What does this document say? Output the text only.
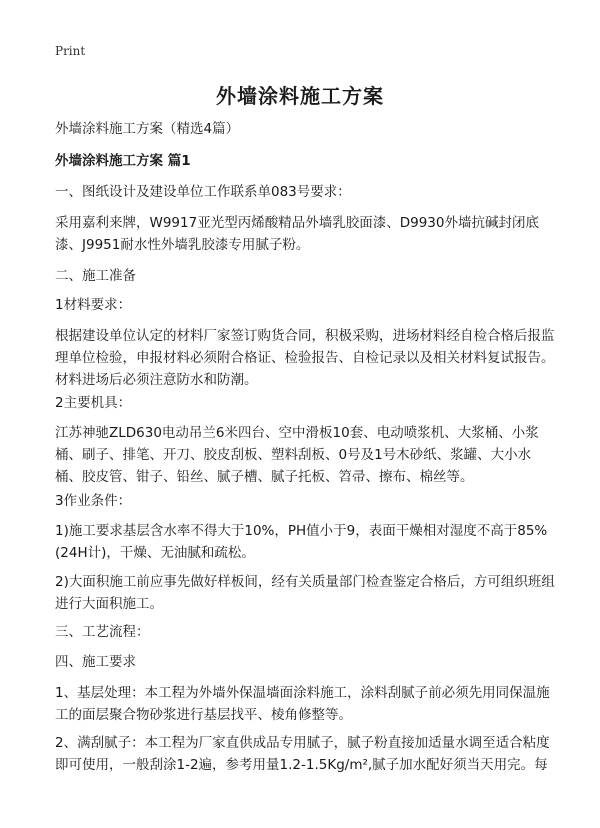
Print
外墙涂料施工方案

外墙涂料施工方案（精选4篇）

外墙涂料施工方案 篇1

一、图纸设计及建设单位工作联系单083号要求：

采用嘉利来牌，W9917亚光型丙烯酸精品外墙乳胶面漆、D9930外墙抗碱封闭底漆、J9951耐水性外墙乳胶漆专用腻子粉。

二、施工准备

1材料要求：

根据建设单位认定的材料厂家签订购货合同，积极采购，进场材料经自检合格后报监理单位检验，申报材料必须附合格证、检验报告、自检记录以及相关材料复试报告。材料进场后必须注意防水和防潮。

2主要机具：

江苏神驰ZLD630电动吊兰6米四台、空中滑板10套、电动喷浆机、大浆桶、小浆桶、刷子、排笔、开刀、胶皮刮板、塑料刮板、0号及1号木砂纸、浆罐、大小水桶、胶皮管、钳子、铅丝、腻子槽、腻子托板、笤帚、擦布、棉丝等。

3作业条件：

1)施工要求基层含水率不得大于10%，PH值小于9，表面干燥相对湿度不高于85%(24H计)，干燥、无油腻和疏松。

2)大面积施工前应事先做好样板间，经有关质量部门检查鉴定合格后，方可组织班组进行大面积施工。

三、工艺流程：

四、施工要求

1、基层处理：本工程为外墙外保温墙面涂料施工，涂料刮腻子前必须先用同保温施工的面层聚合物砂浆进行基层找平、棱角修整等。

2、满刮腻子：本工程为厂家直供成品专用腻子，腻子粉直接加适量水调至适合粘度即可使用，一般刮涂1-2遍，参考用量1.2-1.5Kg/m²,腻子加水配好须当天用完。每
